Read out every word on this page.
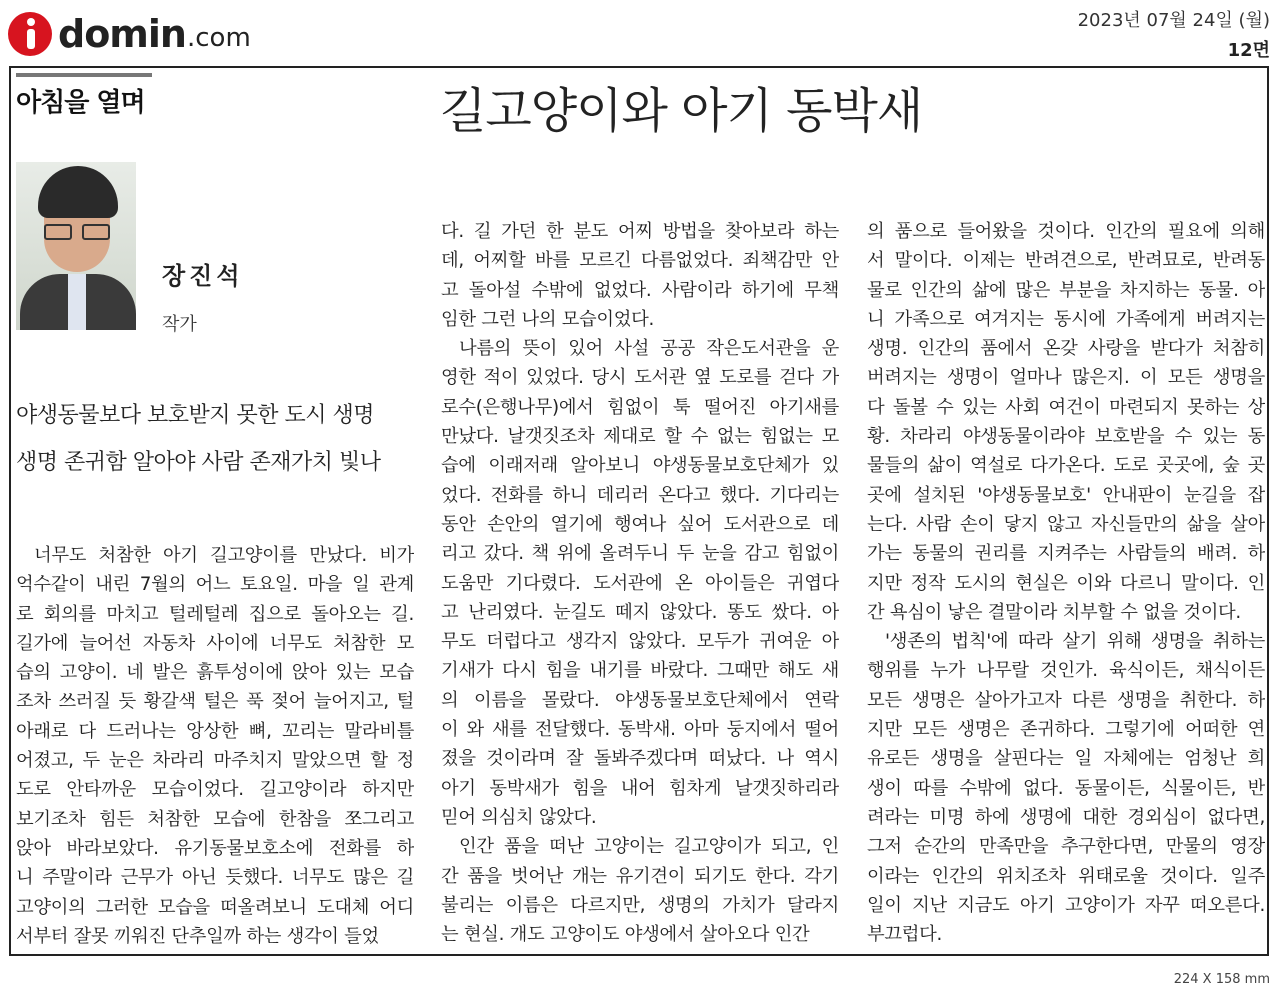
domin .com
2023년 07월 24일 (월)
12면
아침을 열며	길고양이와 아기 동박새
장진석
작가
야생동물보다 보호받지 못한 도시 생명
생명 존귀함 알아야 사람 존재가치 빛나
너무도 처참한 아기 길고양이를 만났다. 비가
억수같이 내린 7월의 어느 토요일. 마을 일 관계
로 회의를 마치고 털레털레 집으로 돌아오는 길.
길가에 늘어선 자동차 사이에 너무도 처참한 모
습의 고양이. 네 발은 흙투성이에 앉아 있는 모습
조차 쓰러질 듯 황갈색 털은 푹 젖어 늘어지고, 털
아래로 다 드러나는 앙상한 뼈, 꼬리는 말라비틀
어졌고, 두 눈은 차라리 마주치지 말았으면 할 정
도로 안타까운 모습이었다. 길고양이라 하지만
보기조차 힘든 처참한 모습에 한참을 쪼그리고
앉아 바라보았다. 유기동물보호소에 전화를 하
니 주말이라 근무가 아닌 듯했다. 너무도 많은 길
고양이의 그러한 모습을 떠올려보니 도대체 어디
서부터 잘못 끼워진 단추일까 하는 생각이 들었
다. 길 가던 한 분도 어찌 방법을 찾아보라 하는
데, 어찌할 바를 모르긴 다름없었다. 죄책감만 안
고 돌아설 수밖에 없었다. 사람이라 하기에 무책
임한 그런 나의 모습이었다.
나름의 뜻이 있어 사설 공공 작은도서관을 운
영한 적이 있었다. 당시 도서관 옆 도로를 걷다 가
로수(은행나무)에서 힘없이 툭 떨어진 아기새를
만났다. 날갯짓조차 제대로 할 수 없는 힘없는 모
습에 이래저래 알아보니 야생동물보호단체가 있
었다. 전화를 하니 데리러 온다고 했다. 기다리는
동안 손안의 열기에 행여나 싶어 도서관으로 데
리고 갔다. 책 위에 올려두니 두 눈을 감고 힘없이
도움만 기다렸다. 도서관에 온 아이들은 귀엽다
고 난리였다. 눈길도 떼지 않았다. 똥도 쌌다. 아
무도 더럽다고 생각지 않았다. 모두가 귀여운 아
기새가 다시 힘을 내기를 바랐다. 그때만 해도 새
의 이름을 몰랐다. 야생동물보호단체에서 연락
이 와 새를 전달했다. 동박새. 아마 둥지에서 떨어
졌을 것이라며 잘 돌봐주겠다며 떠났다. 나 역시
아기 동박새가 힘을 내어 힘차게 날갯짓하리라
믿어 의심치 않았다.
인간 품을 떠난 고양이는 길고양이가 되고, 인
간 품을 벗어난 개는 유기견이 되기도 한다. 각기
불리는 이름은 다르지만, 생명의 가치가 달라지
는 현실. 개도 고양이도 야생에서 살아오다 인간
의 품으로 들어왔을 것이다. 인간의 필요에 의해
서 말이다. 이제는 반려견으로, 반려묘로, 반려동
물로 인간의 삶에 많은 부분을 차지하는 동물. 아
니 가족으로 여겨지는 동시에 가족에게 버려지는
생명. 인간의 품에서 온갖 사랑을 받다가 처참히
버려지는 생명이 얼마나 많은지. 이 모든 생명을
다 돌볼 수 있는 사회 여건이 마련되지 못하는 상
황. 차라리 야생동물이라야 보호받을 수 있는 동
물들의 삶이 역설로 다가온다. 도로 곳곳에, 숲 곳
곳에 설치된 '야생동물보호' 안내판이 눈길을 잡
는다. 사람 손이 닿지 않고 자신들만의 삶을 살아
가는 동물의 권리를 지켜주는 사람들의 배려. 하
지만 정작 도시의 현실은 이와 다르니 말이다. 인
간 욕심이 낳은 결말이라 치부할 수 없을 것이다.
'생존의 법칙'에 따라 살기 위해 생명을 취하는
행위를 누가 나무랄 것인가. 육식이든, 채식이든
모든 생명은 살아가고자 다른 생명을 취한다. 하
지만 모든 생명은 존귀하다. 그렇기에 어떠한 연
유로든 생명을 살핀다는 일 자체에는 엄청난 희
생이 따를 수밖에 없다. 동물이든, 식물이든, 반
려라는 미명 하에 생명에 대한 경외심이 없다면,
그저 순간의 만족만을 추구한다면, 만물의 영장
이라는 인간의 위치조차 위태로울 것이다. 일주
일이 지난 지금도 아기 고양이가 자꾸 떠오른다.
부끄럽다.
224 X 158 mm
